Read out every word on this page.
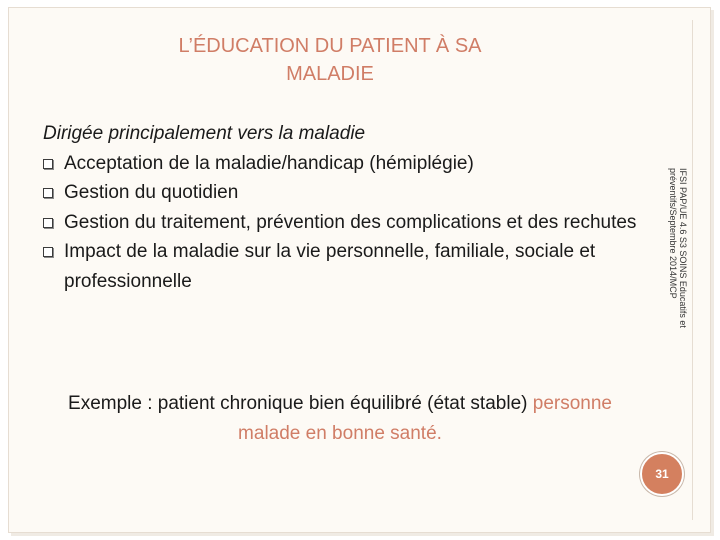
L’ÉDUCATION DU PATIENT À SA
MALADIE
Dirigée principalement vers la maladie
Acceptation de la maladie/handicap (hémiplégie)
Gestion du quotidien
Gestion du traitement, prévention des complications et des rechutes
Impact de la maladie sur la vie personnelle, familiale, sociale et professionnelle
Exemple : patient chronique bien équilibré (état stable) personne malade en bonne santé.
IFSI PAP/UE 4.6 S3 SOINS Educatifs et
préventifs/Septembre 2014/MCP
31
